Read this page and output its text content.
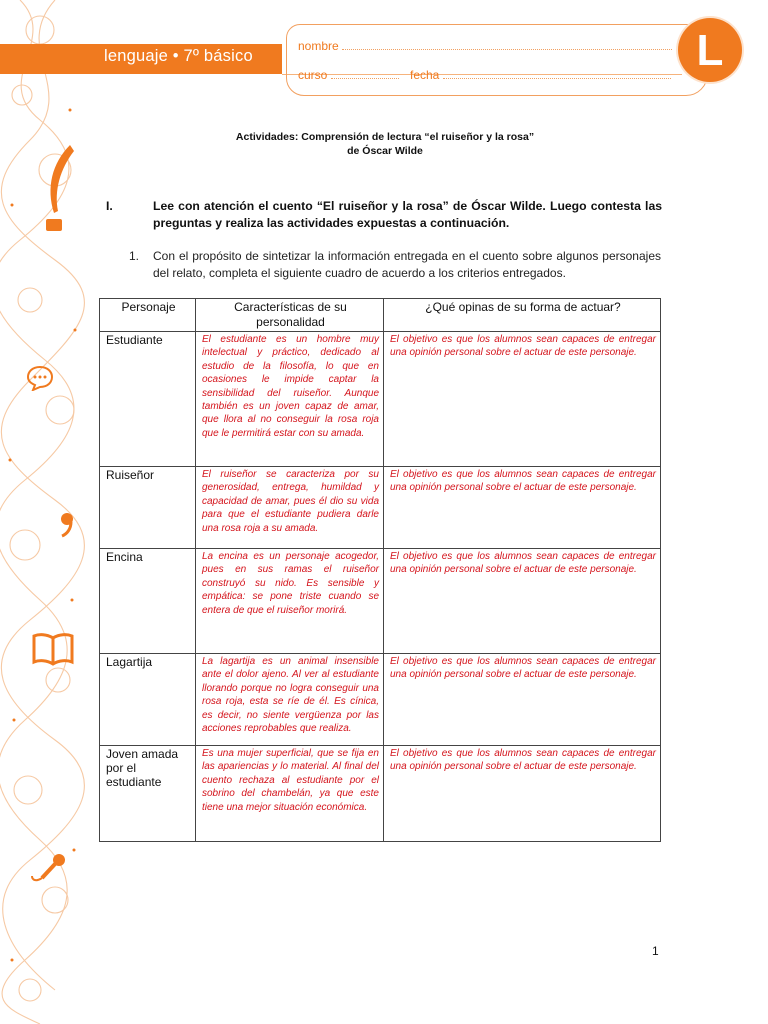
lenguaje • 7º básico
nombre
curso	fecha	L
Actividades: Comprensión de lectura “el ruiseñor y la rosa”
de Óscar Wilde
I.	Lee con atención el cuento “El ruiseñor y la rosa” de Óscar Wilde. Luego contesta las preguntas y realiza las actividades expuestas a continuación.
1. Con el propósito de sintetizar la información entregada en el cuento sobre algunos personajes del relato, completa el siguiente cuadro de acuerdo a los criterios entregados.
Personaje	Características de su personalidad	¿Qué opinas de su forma de actuar?
Estudiante	El estudiante es un hombre muy intelectual y práctico, dedicado al estudio de la filosofía, lo que en ocasiones le impide captar la sensibilidad del ruiseñor. Aunque también es un joven capaz de amar, que llora al no conseguir la rosa roja que le permitirá estar con su amada.	El objetivo es que los alumnos sean capaces de entregar una opinión personal sobre el actuar de este personaje.
Ruiseñor	El ruiseñor se caracteriza por su generosidad, entrega, humildad y capacidad de amar, pues él dio su vida para que el estudiante pudiera darle una rosa roja a su amada.	El objetivo es que los alumnos sean capaces de entregar una opinión personal sobre el actuar de este personaje.
Encina	La encina es un personaje acogedor, pues en sus ramas el ruiseñor construyó su nido. Es sensible y empática: se pone triste cuando se entera de que el ruiseñor morirá.	El objetivo es que los alumnos sean capaces de entregar una opinión personal sobre el actuar de este personaje.
Lagartija	La lagartija es un animal insensible ante el dolor ajeno. Al ver al estudiante llorando porque no logra conseguir una rosa roja, esta se ríe de él. Es cínica, es decir, no siente vergüenza por las acciones reprobables que realiza.	El objetivo es que los alumnos sean capaces de entregar una opinión personal sobre el actuar de este personaje.
Joven amada por el estudiante	Es una mujer superficial, que se fija en las apariencias y lo material. Al final del cuento rechaza al estudiante por el sobrino del chambelán, ya que este tiene una mejor situación económica.	El objetivo es que los alumnos sean capaces de entregar una opinión personal sobre el actuar de este personaje.
1
